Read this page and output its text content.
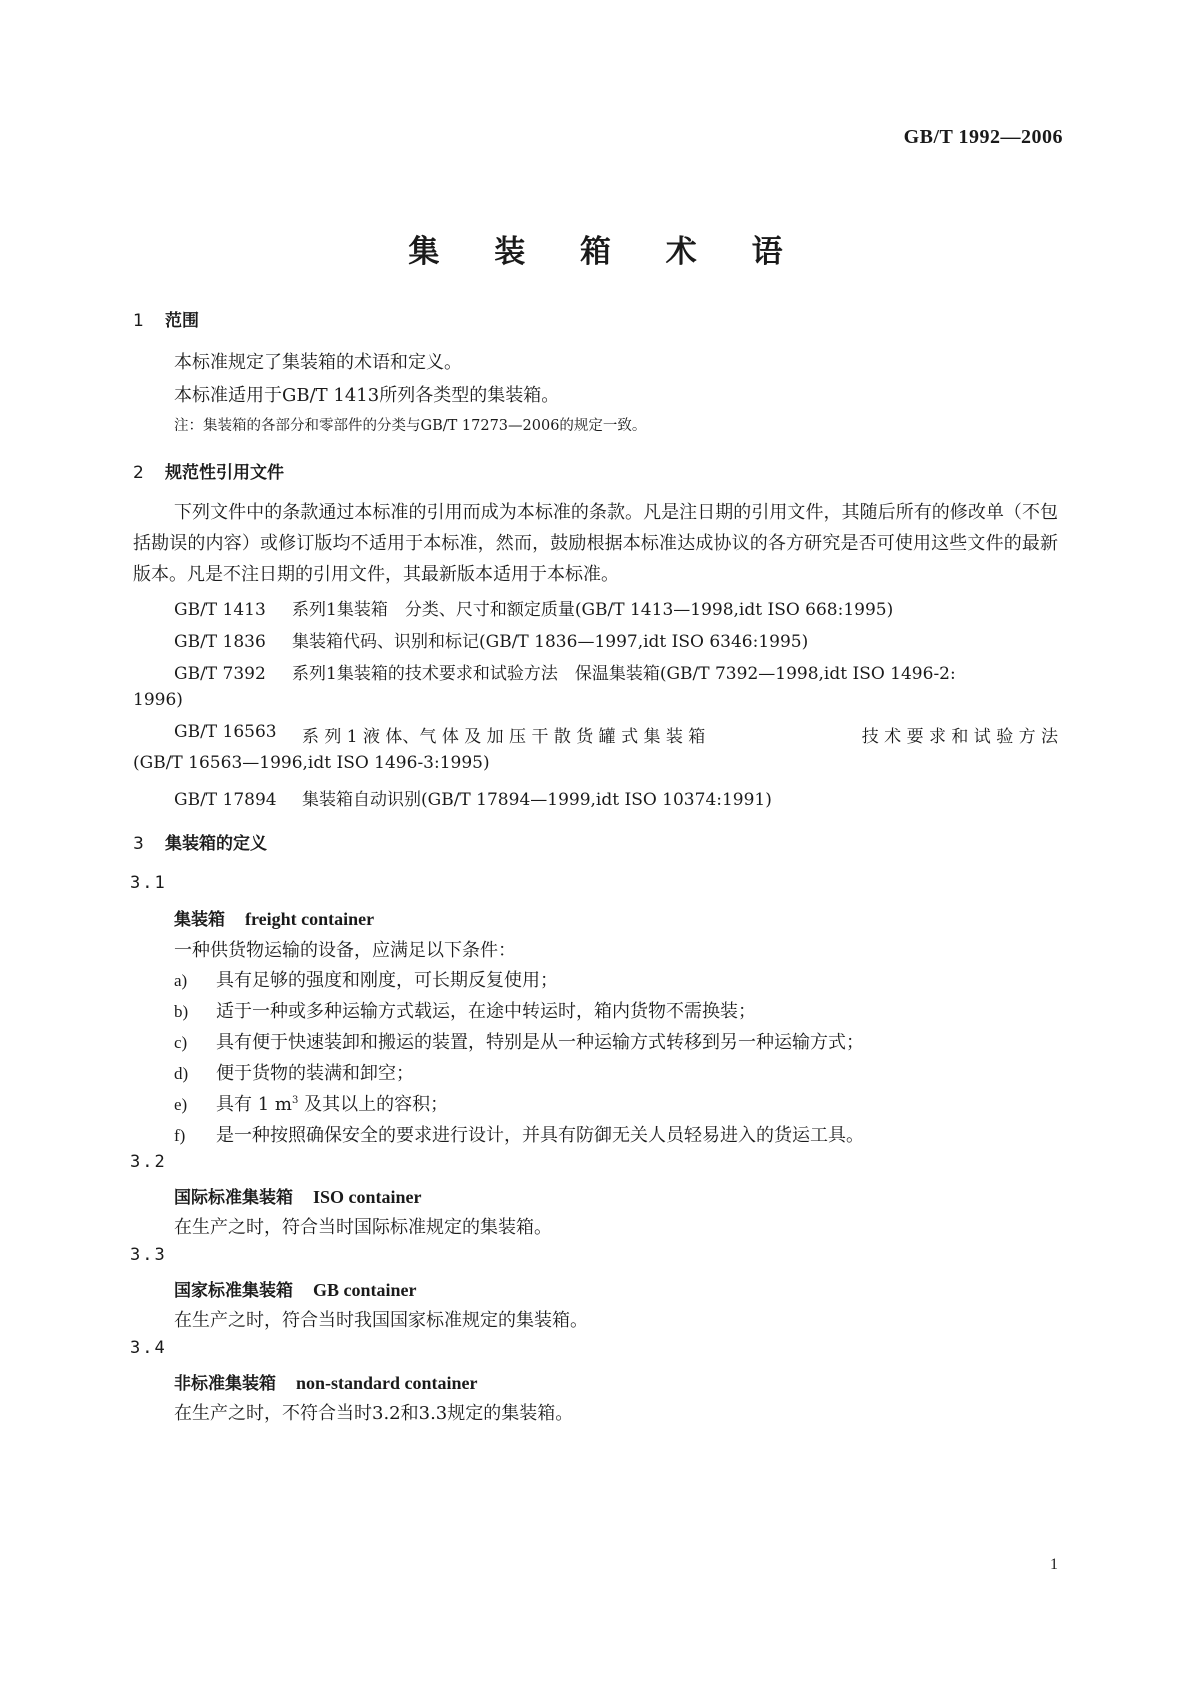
GB/T 1992—2006
集 装 箱 术 语
1 范围
本标准规定了集装箱的术语和定义。
本标准适用于GB/T 1413所列各类型的集装箱。
注：集装箱的各部分和零部件的分类与GB/T 17273—2006的规定一致。
2 规范性引用文件
下列文件中的条款通过本标准的引用而成为本标准的条款。凡是注日期的引用文件，其随后所有的修改单（不包括勘误的内容）或修订版均不适用于本标准，然而，鼓励根据本标准达成协议的各方研究是否可使用这些文件的最新版本。凡是不注日期的引用文件，其最新版本适用于本标准。
GB/T 1413 系列1集装箱　分类、尺寸和额定质量(GB/T 1413—1998,idt ISO 668:1995)
GB/T 1836 集装箱代码、识别和标记(GB/T 1836—1997,idt ISO 6346:1995)
GB/T 7392 系列1集装箱的技术要求和试验方法　保温集装箱(GB/T 7392—1998,idt ISO 1496-2:
1996)
GB/T 16563	系 列 1 液 体、气 体 及 加 压 干 散 货 罐 式 集 装 箱	技 术 要 求 和 试 验 方 法
(GB/T 16563—1996,idt ISO 1496-3:1995)
GB/T 17894 集装箱自动识别(GB/T 17894—1999,idt ISO 10374:1991)
3 集装箱的定义
3.1
集装箱 freight container
一种供货物运输的设备，应满足以下条件：
a) 具有足够的强度和刚度，可长期反复使用；
b) 适于一种或多种运输方式载运，在途中转运时，箱内货物不需换装；
c) 具有便于快速装卸和搬运的装置，特别是从一种运输方式转移到另一种运输方式；
d) 便于货物的装满和卸空；
e) 具有 1 $m^3$ 及其以上的容积；
f) 是一种按照确保安全的要求进行设计，并具有防御无关人员轻易进入的货运工具。
3.2
国际标准集装箱 ISO container
在生产之时，符合当时国际标准规定的集装箱。
3.3
国家标准集装箱 GB container
在生产之时，符合当时我国国家标准规定的集装箱。
3.4
非标准集装箱 non-standard container
在生产之时，不符合当时3.2和3.3规定的集装箱。
1
